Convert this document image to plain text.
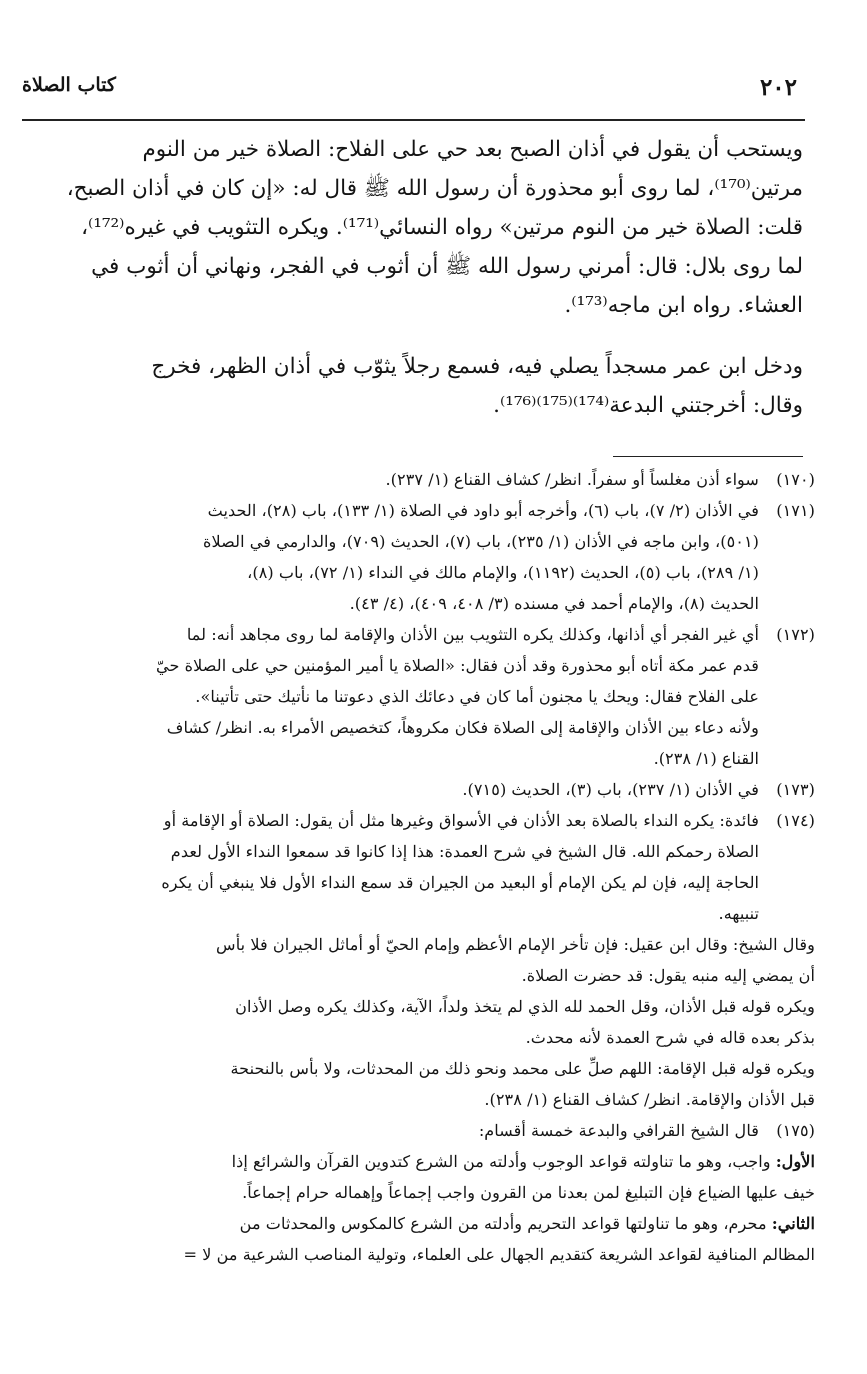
٢٠٢
كتاب الصلاة
ويستحب أن يقول في أذان الصبح بعد حي على الفلاح: الصلاة خير من النوم
مرتين⁽¹⁷⁰⁾، لما روى أبو محذورة أن رسول الله ﷺ قال له: «إن كان في أذان الصبح،
قلت: الصلاة خير من النوم مرتين» رواه النسائي⁽¹⁷¹⁾. ويكره التثويب في غيره⁽¹⁷²⁾،
لما روى بلال: قال: أمرني رسول الله ﷺ أن أثوب في الفجر، ونهاني أن أثوب في
العشاء. رواه ابن ماجه⁽¹⁷³⁾.
ودخل ابن عمر مسجداً يصلي فيه، فسمع رجلاً يثوّب في أذان الظهر، فخرج
وقال: أخرجتني البدعة⁽¹⁷⁴⁾⁽¹⁷⁵⁾⁽¹⁷⁶⁾.
(١٧٠)
سواء أذن مغلساً أو سفراً. انظر/ كشاف القناع (١/ ٢٣٧).
(١٧١)
في الأذان (٢/ ٧)، باب (٦)، وأخرجه أبو داود في الصلاة (١/ ١٣٣)، باب (٢٨)، الحديث
(٥٠١)، وابن ماجه في الأذان (١/ ٢٣٥)، باب (٧)، الحديث (٧٠٩)، والدارمي في الصلاة
(١/ ٢٨٩)، باب (٥)، الحديث (١١٩٢)، والإمام مالك في النداء (١/ ٧٢)، باب (٨)،
الحديث (٨)، والإمام أحمد في مسنده (٣/ ٤٠٨، ٤٠٩)، (٤/ ٤٣).
(١٧٢)
أي غير الفجر أي أذانها، وكذلك يكره التثويب بين الأذان والإقامة لما روى مجاهد أنه: لما
قدم عمر مكة أتاه أبو محذورة وقد أذن فقال: «الصلاة يا أمير المؤمنين حي على الصلاة حيّ
على الفلاح فقال: ويحك يا مجنون أما كان في دعائك الذي دعوتنا ما نأتيك حتى تأتينا».
ولأنه دعاء بين الأذان والإقامة إلى الصلاة فكان مكروهاً، كتخصيص الأمراء به. انظر/ كشاف
القناع (١/ ٢٣٨).
(١٧٣)
في الأذان (١/ ٢٣٧)، باب (٣)، الحديث (٧١٥).
(١٧٤)
فائدة: يكره النداء بالصلاة بعد الأذان في الأسواق وغيرها مثل أن يقول: الصلاة أو الإقامة أو
الصلاة رحمكم الله. قال الشيخ في شرح العمدة: هذا إذا كانوا قد سمعوا النداء الأول لعدم
الحاجة إليه، فإن لم يكن الإمام أو البعيد من الجيران قد سمع النداء الأول فلا ينبغي أن يكره
تنبيهه.
وقال الشيخ: وقال ابن عقيل: فإن تأخر الإمام الأعظم وإمام الحيّ أو أماثل الجيران فلا بأس
أن يمضي إليه منبه يقول: قد حضرت الصلاة.
ويكره قوله قبل الأذان، وقل الحمد لله الذي لم يتخذ ولداً، الآية، وكذلك يكره وصل الأذان
بذكر بعده قاله في شرح العمدة لأنه محدث.
ويكره قوله قبل الإقامة: اللهم صلِّ على محمد ونحو ذلك من المحدثات، ولا بأس بالنحنحة
قبل الأذان والإقامة. انظر/ كشاف القناع (١/ ٢٣٨).
(١٧٥)
قال الشيخ القرافي والبدعة خمسة أقسام:
الأول: واجب، وهو ما تناولته قواعد الوجوب وأدلته من الشرع كتدوين القرآن والشرائع إذا
خيف عليها الضياع فإن التبليغ لمن بعدنا من القرون واجب إجماعاً وإهماله حرام إجماعاً.
الثاني: محرم، وهو ما تناولتها قواعد التحريم وأدلته من الشرع كالمكوس والمحدثات من
المظالم المنافية لقواعد الشريعة كتقديم الجهال على العلماء، وتولية المناصب الشرعية من لا =
